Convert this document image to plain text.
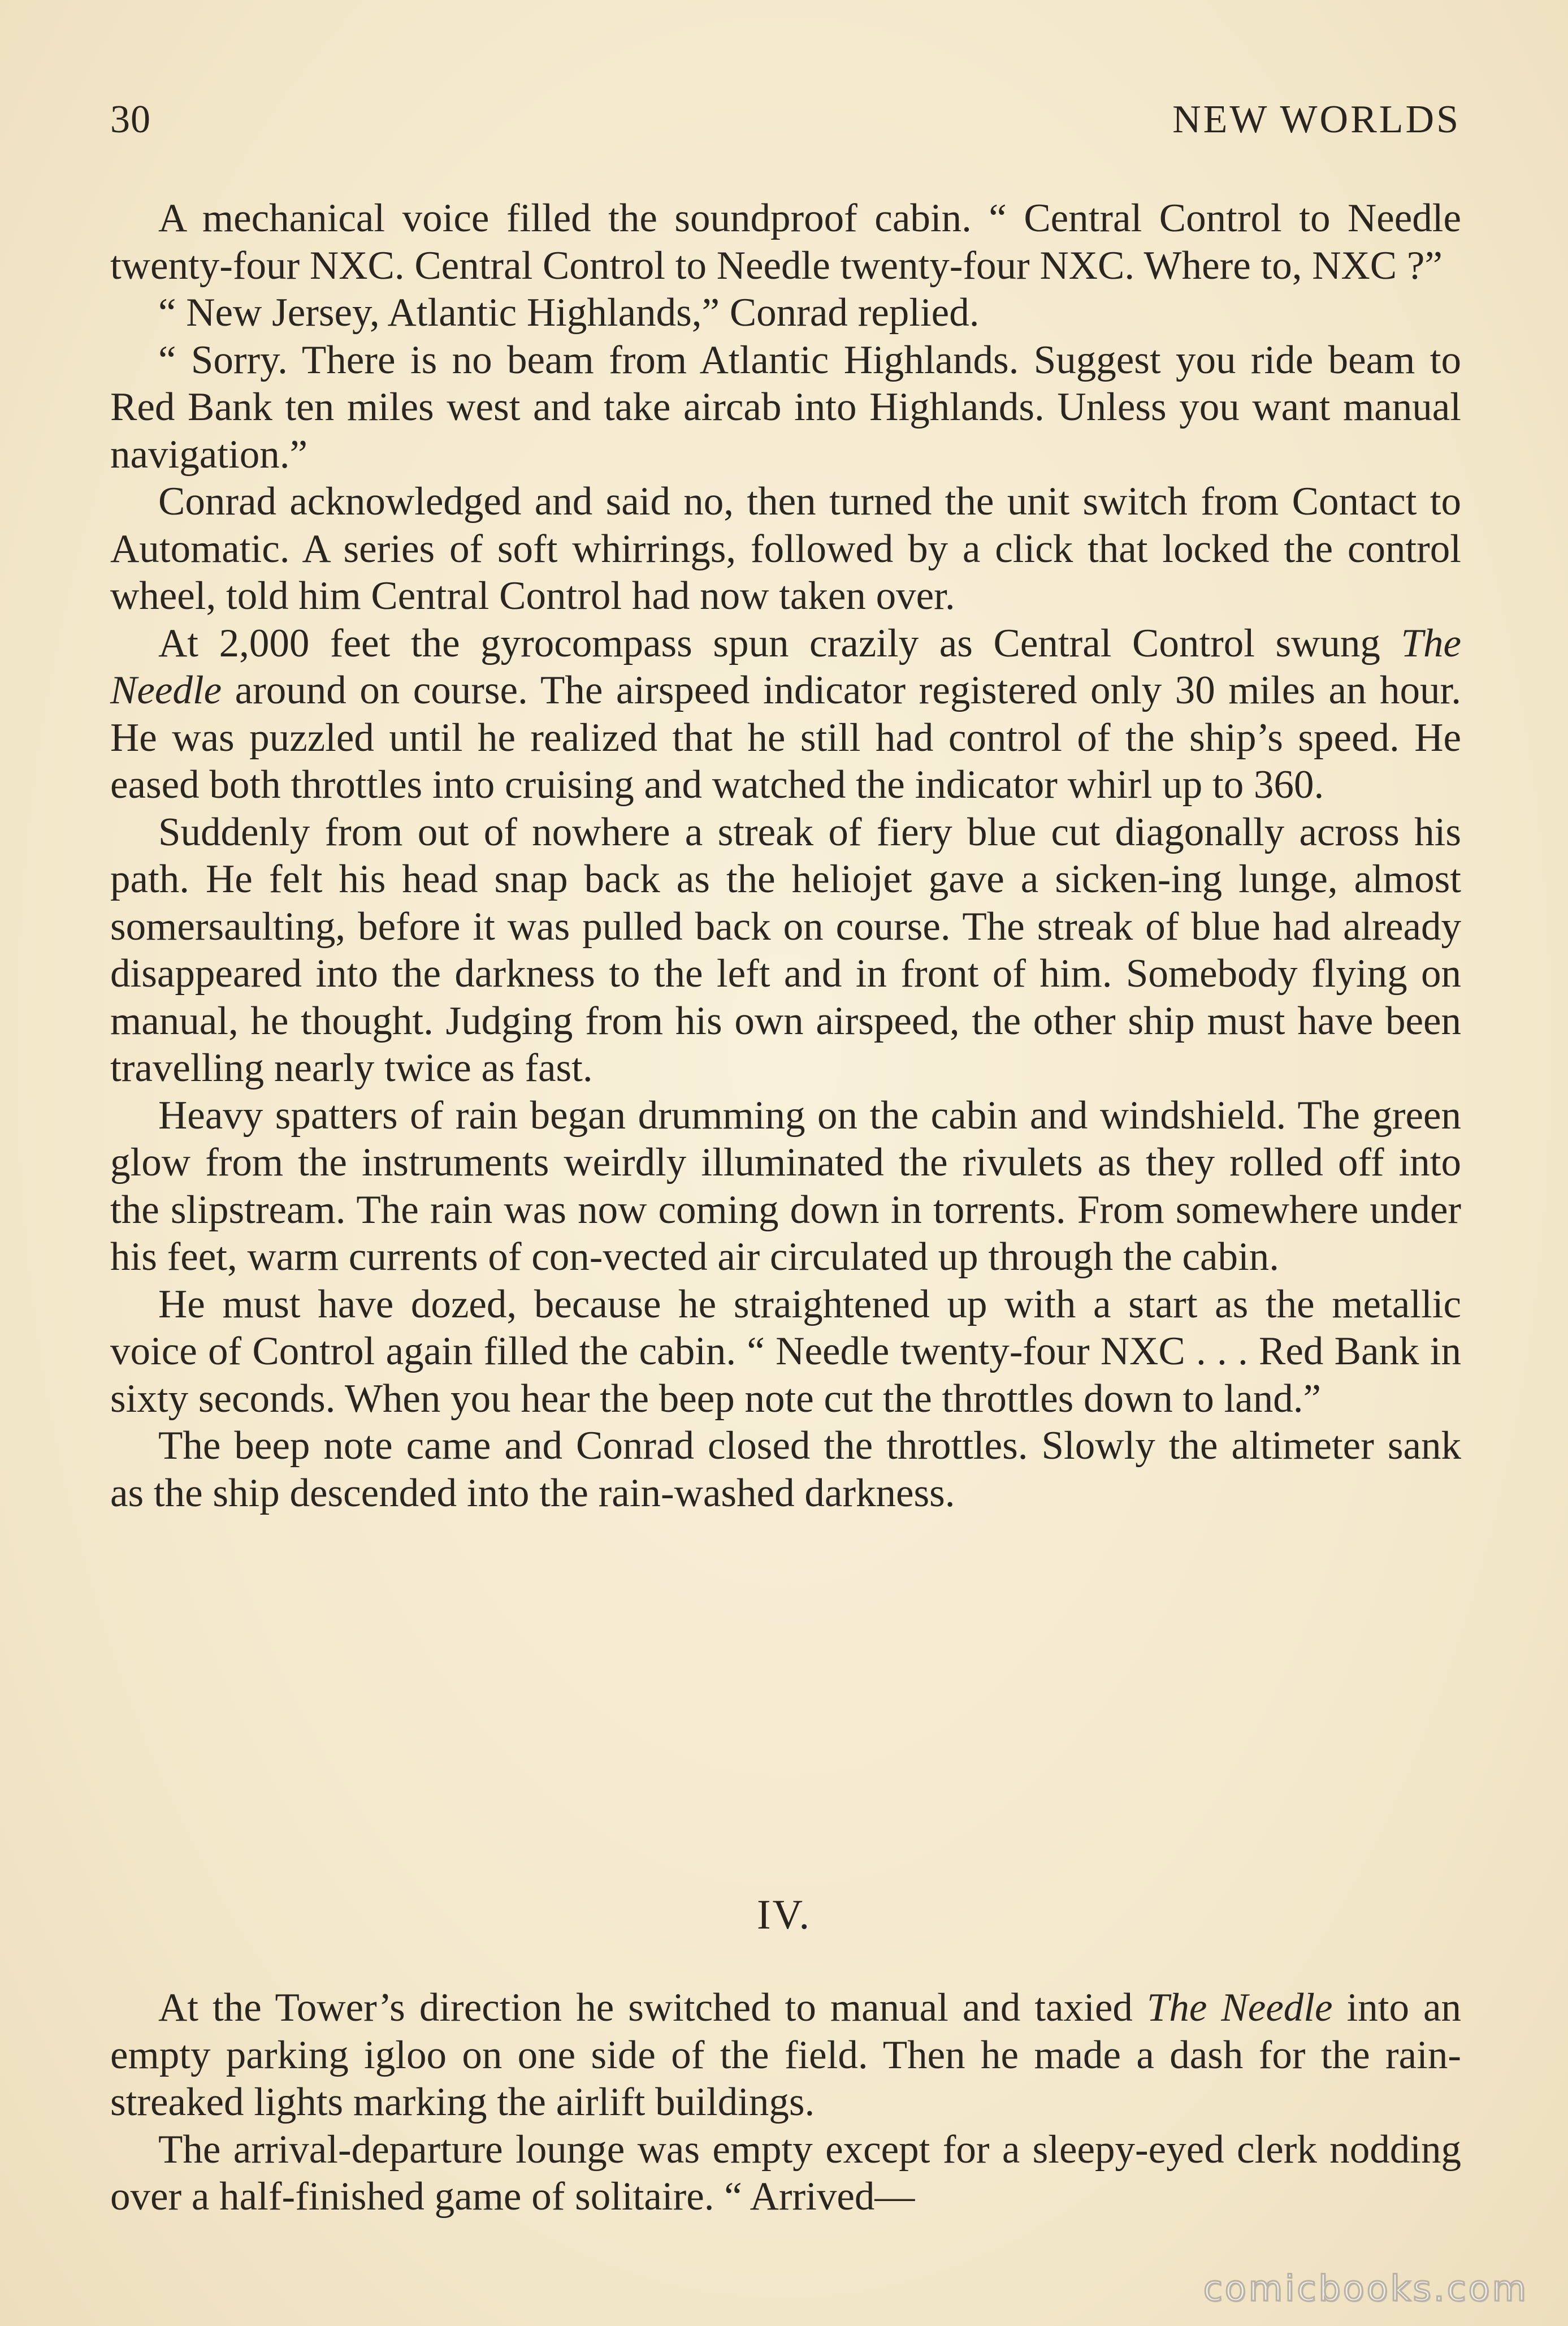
30	NEW WORLDS

A mechanical voice filled the soundproof cabin. “ Central Control to Needle twenty-four NXC. Central Control to Needle twenty-four NXC. Where to, NXC ?”

“ New Jersey, Atlantic Highlands,” Conrad replied.

“ Sorry. There is no beam from Atlantic Highlands. Suggest you ride beam to Red Bank ten miles west and take aircab into Highlands. Unless you want manual navigation.”

Conrad acknowledged and said no, then turned the unit switch from Contact to Automatic. A series of soft whirrings, followed by a click that locked the control wheel, told him Central Control had now taken over.

At 2,000 feet the gyrocompass spun crazily as Central Control swung The Needle around on course. The airspeed indicator registered only 30 miles an hour. He was puzzled until he realized that he still had control of the ship’s speed. He eased both throttles into cruising and watched the indicator whirl up to 360.

Suddenly from out of nowhere a streak of fiery blue cut diagonally across his path. He felt his head snap back as the heliojet gave a sicken-ing lunge, almost somersaulting, before it was pulled back on course. The streak of blue had already disappeared into the darkness to the left and in front of him. Somebody flying on manual, he thought. Judging from his own airspeed, the other ship must have been travelling nearly twice as fast.

Heavy spatters of rain began drumming on the cabin and windshield. The green glow from the instruments weirdly illuminated the rivulets as they rolled off into the slipstream. The rain was now coming down in torrents. From somewhere under his feet, warm currents of con-vected air circulated up through the cabin.

He must have dozed, because he straightened up with a start as the metallic voice of Control again filled the cabin. “ Needle twenty-four NXC . . . Red Bank in sixty seconds. When you hear the beep note cut the throttles down to land.”

The beep note came and Conrad closed the throttles. Slowly the altimeter sank as the ship descended into the rain-washed darkness.

IV.

At the Tower’s direction he switched to manual and taxied The Needle into an empty parking igloo on one side of the field. Then he made a dash for the rain-streaked lights marking the airlift buildings.

The arrival-departure lounge was empty except for a sleepy-eyed clerk nodding over a half-finished game of solitaire. “ Arrived—

comicbooks.com
